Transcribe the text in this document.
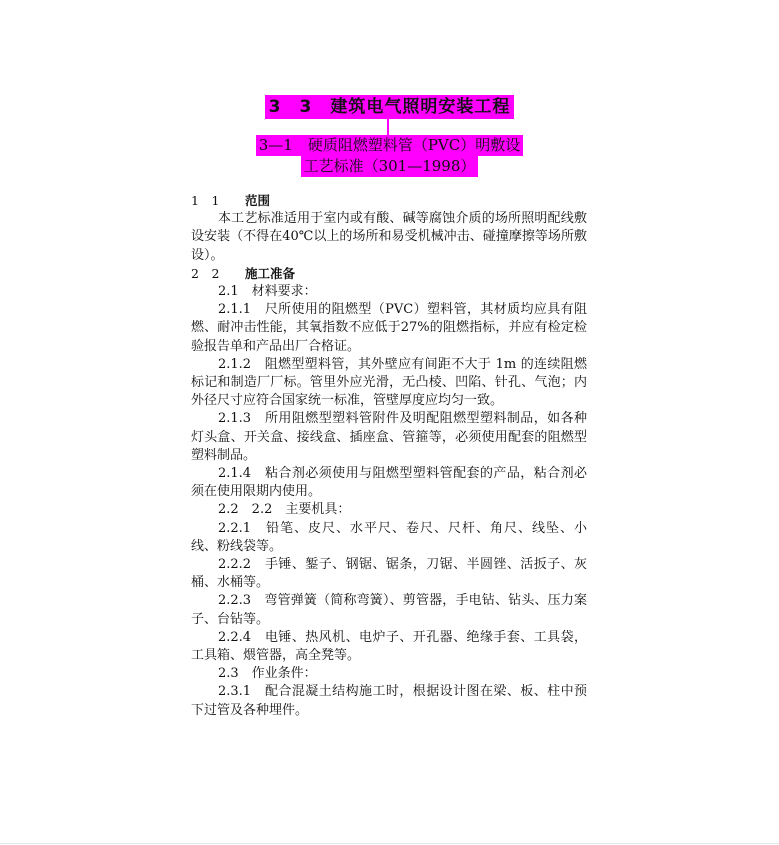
3　3　建筑电气照明安装工程
3—1　硬质阻燃塑料管（PVC）明敷设
工艺标准（301—1998）

1　1 范围

本工艺标准适用于室内或有酸、碱等腐蚀介质的场所照明配线敷设安装（不得在40℃以上的场所和易受机械冲击、碰撞摩擦等场所敷设）。

2　2 施工准备

2.1　材料要求：

2.1.1　尺所使用的阻燃型（PVC）塑料管，其材质均应具有阻燃、耐冲击性能，其氧指数不应低于27%的阻燃指标，并应有检定检验报告单和产品出厂合格证。

2.1.2　阻燃型塑料管，其外壁应有间距不大于 1m 的连续阻燃标记和制造厂厂标。管里外应光滑，无凸棱、凹陷、针孔、气泡；内外径尺寸应符合国家统一标准，管壁厚度应均匀一致。

2.1.3　所用阻燃型塑料管附件及明配阻燃型塑料制品，如各种灯头盒、开关盒、接线盒、插座盒、管箍等，必须使用配套的阻燃型塑料制品。

2.1.4　粘合剂必须使用与阻燃型塑料管配套的产品，粘合剂必须在使用限期内使用。

2.2　2.2　主要机具：

2.2.1　铅笔、皮尺、水平尺、卷尺、尺杆、角尺、线坠、小线、粉线袋等。

2.2.2　手锤、錾子、钢锯、锯条，刀锯、半圆锉、活扳子、灰桶、水桶等。

2.2.3　弯管弹簧（简称弯簧）、剪管器，手电钻、钻头、压力案子、台钻等。

2.2.4　电锤、热风机、电炉子、开孔器、绝缘手套、工具袋，工具箱、煨管器，高全凳等。

2.3　作业条件：

2.3.1　配合混凝土结构施工时，根据设计图在梁、板、柱中预下过管及各种埋件。
